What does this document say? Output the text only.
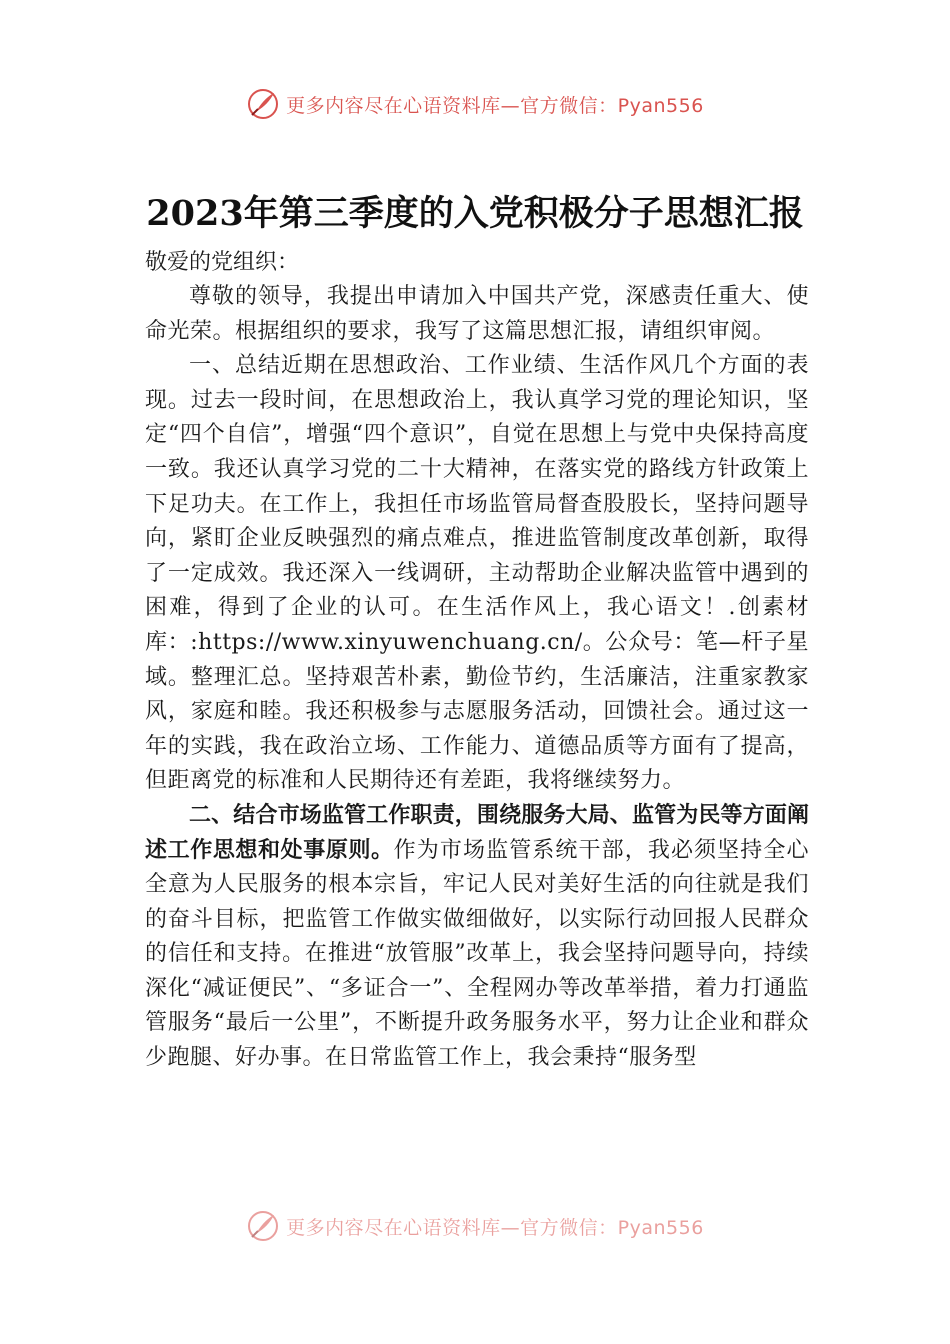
更多内容尽在心语资料库—官方微信：Pyan556
2023年第三季度的入党积极分子思想汇报

敬爱的党组织：

尊敬的领导，我提出申请加入中国共产党，深感责任重大、使命光荣。根据组织的要求，我写了这篇思想汇报，请组织审阅。

一、总结近期在思想政治、工作业绩、生活作风几个方面的表现。过去一段时间，在思想政治上，我认真学习党的理论知识，坚定“四个自信”，增强“四个意识”，自觉在思想上与党中央保持高度一致。我还认真学习党的二十大精神，在落实党的路线方针政策上下足功夫。在工作上，我担任市场监管局督查股股长，坚持问题导向，紧盯企业反映强烈的痛点难点，推进监管制度改革创新，取得了一定成效。我还深入一线调研，主动帮助企业解决监管中遇到的困难，得到了企业的认可。在生活作风上，我心语文！.创素材库：:https://www.xinyuwenchuang.cn/。公众号：笔—杆子星域。整理汇总。坚持艰苦朴素，勤俭节约，生活廉洁，注重家教家风，家庭和睦。我还积极参与志愿服务活动，回馈社会。通过这一年的实践，我在政治立场、工作能力、道德品质等方面有了提高，但距离党的标准和人民期待还有差距，我将继续努力。

二、结合市场监管工作职责，围绕服务大局、监管为民等方面阐述工作思想和处事原则。作为市场监管系统干部，我必须坚持全心全意为人民服务的根本宗旨，牢记人民对美好生活的向往就是我们的奋斗目标，把监管工作做实做细做好，以实际行动回报人民群众的信任和支持。在推进“放管服”改革上，我会坚持问题导向，持续深化“减证便民”、“多证合一”、全程网办等改革举措，着力打通监管服务“最后一公里”，不断提升政务服务水平，努力让企业和群众少跑腿、好办事。在日常监管工作上，我会秉持“服务型

更多内容尽在心语资料库—官方微信：Pyan556
